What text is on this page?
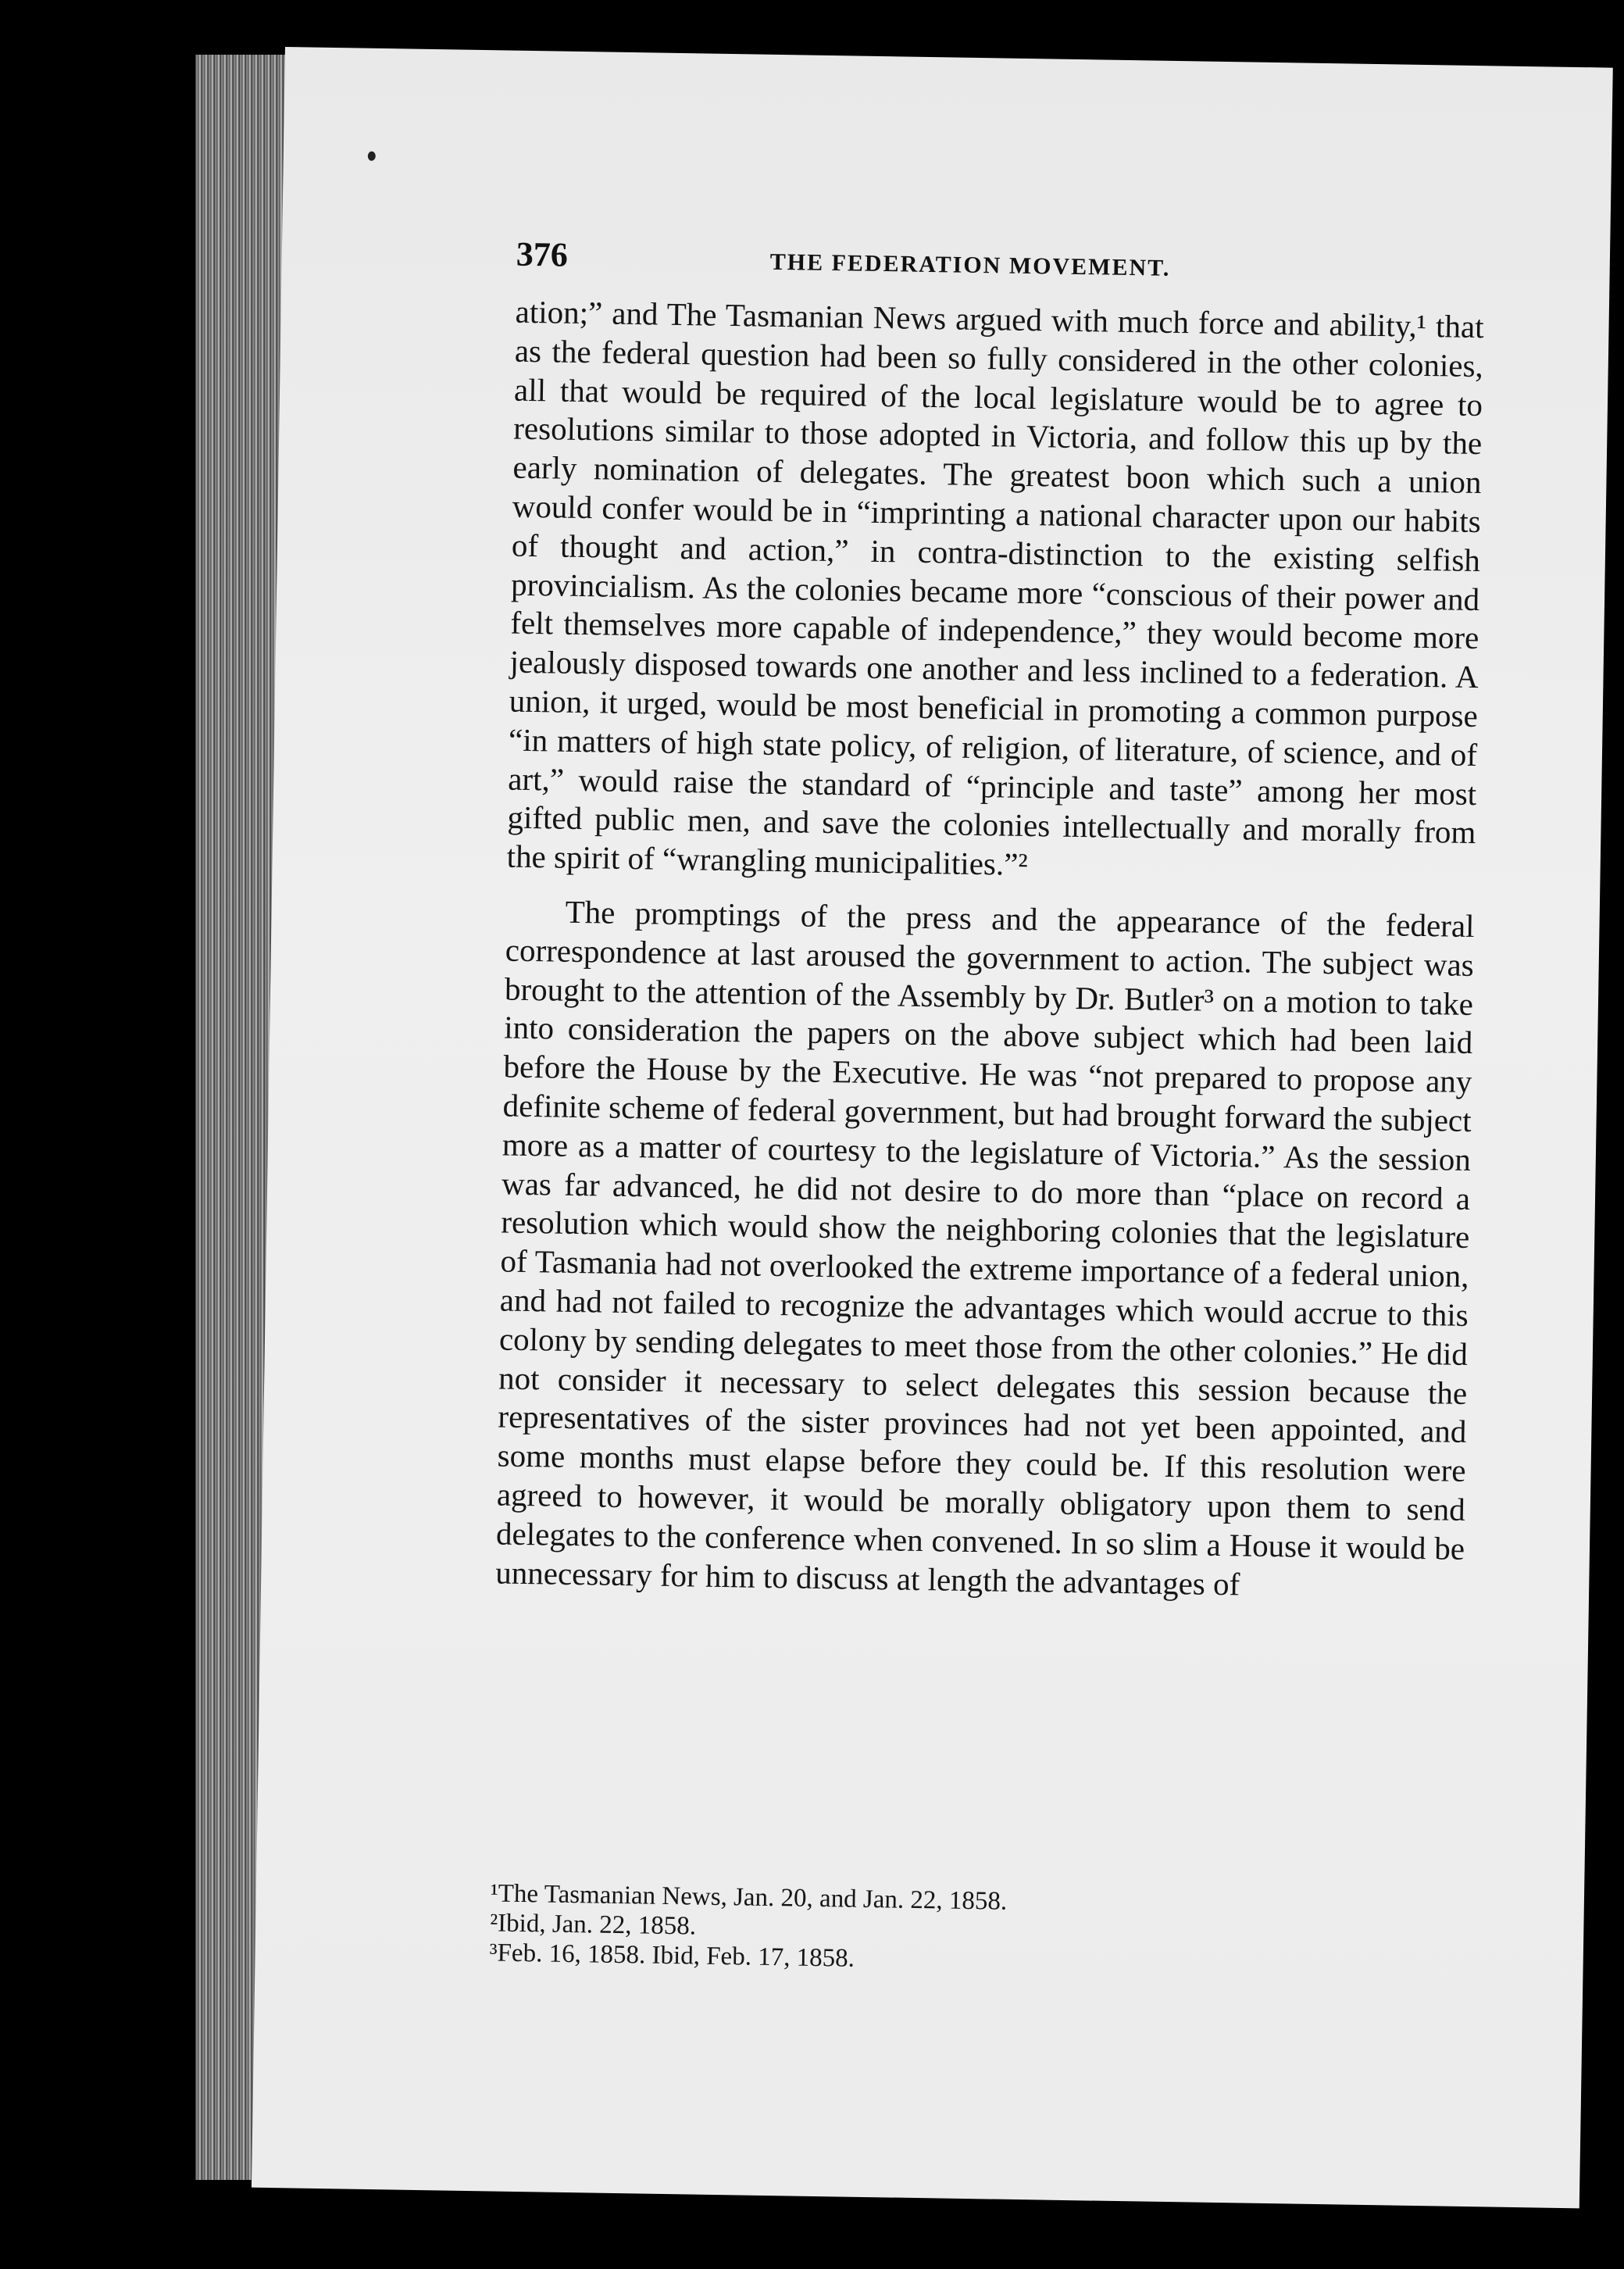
376	THE FEDERATION MOVEMENT.

ation;” and The Tasmanian News argued with much force and ability,¹ that as the federal question had been so fully considered in the other colonies, all that would be required of the local legislature would be to agree to resolutions similar to those adopted in Victoria, and follow this up by the early nomination of delegates. The greatest boon which such a union would confer would be in “imprinting a national character upon our habits of thought and action,” in contra-distinction to the existing selfish provincialism. As the colonies became more “conscious of their power and felt themselves more capable of independence,” they would become more jealously disposed towards one another and less inclined to a federation. A union, it urged, would be most beneficial in promoting a common purpose “in matters of high state policy, of religion, of literature, of science, and of art,” would raise the standard of “principle and taste” among her most gifted public men, and save the colonies intellectually and morally from the spirit of “wrangling municipalities.”²

The promptings of the press and the appearance of the federal correspondence at last aroused the government to action. The subject was brought to the attention of the Assembly by Dr. Butler³ on a motion to take into consideration the papers on the above subject which had been laid before the House by the Executive. He was “not prepared to propose any definite scheme of federal government, but had brought forward the subject more as a matter of courtesy to the legislature of Victoria.” As the session was far advanced, he did not desire to do more than “place on record a resolution which would show the neighboring colonies that the legislature of Tasmania had not overlooked the extreme importance of a federal union, and had not failed to recognize the advantages which would accrue to this colony by sending delegates to meet those from the other colonies.” He did not consider it necessary to select delegates this session because the representatives of the sister provinces had not yet been appointed, and some months must elapse before they could be. If this resolution were agreed to however, it would be morally obligatory upon them to send delegates to the conference when convened. In so slim a House it would be unnecessary for him to discuss at length the advantages of

¹The Tasmanian News, Jan. 20, and Jan. 22, 1858.
²Ibid, Jan. 22, 1858.
³Feb. 16, 1858. Ibid, Feb. 17, 1858.
